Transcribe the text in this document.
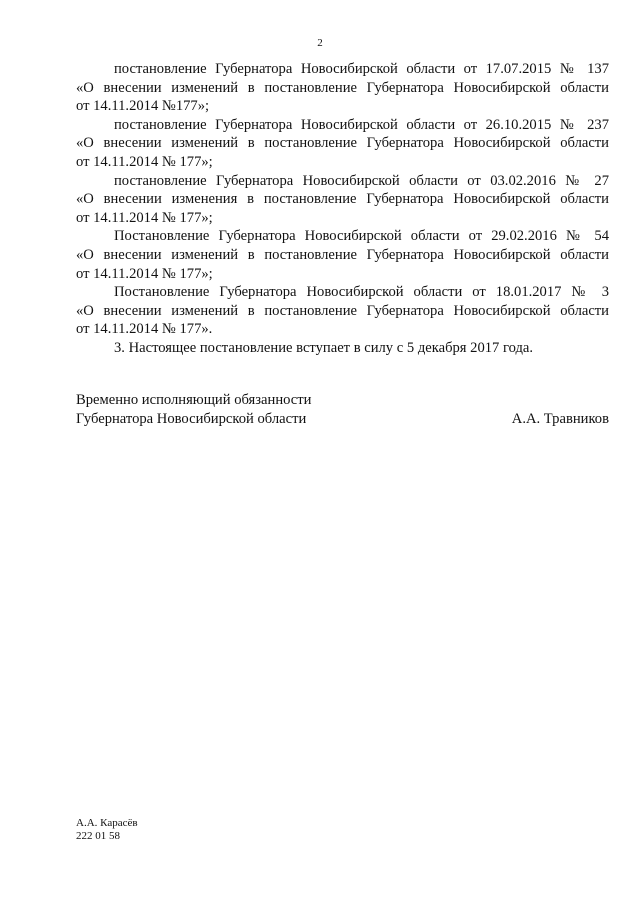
2

постановление Губернатора Новосибирской области от 17.07.2015 № 137
«О внесении изменений в постановление Губернатора Новосибирской области
от 14.11.2014 №177»;

постановление Губернатора Новосибирской области от 26.10.2015 № 237
«О внесении изменений в постановление Губернатора Новосибирской области
от 14.11.2014 № 177»;

постановление Губернатора Новосибирской области от 03.02.2016 № 27
«О внесении изменения в постановление Губернатора Новосибирской области
от 14.11.2014 № 177»;

Постановление Губернатора Новосибирской области от 29.02.2016 № 54
«О внесении изменений в постановление Губернатора Новосибирской области
от 14.11.2014 № 177»;

Постановление Губернатора Новосибирской области от 18.01.2017 № 3
«О внесении изменений в постановление Губернатора Новосибирской области
от 14.11.2014 № 177».

3. Настоящее постановление вступает в силу с 5 декабря 2017 года.

Временно исполняющий обязанности
Губернатора Новосибирской области	А.А. Травников
А.А. Карасёв
222 01 58
